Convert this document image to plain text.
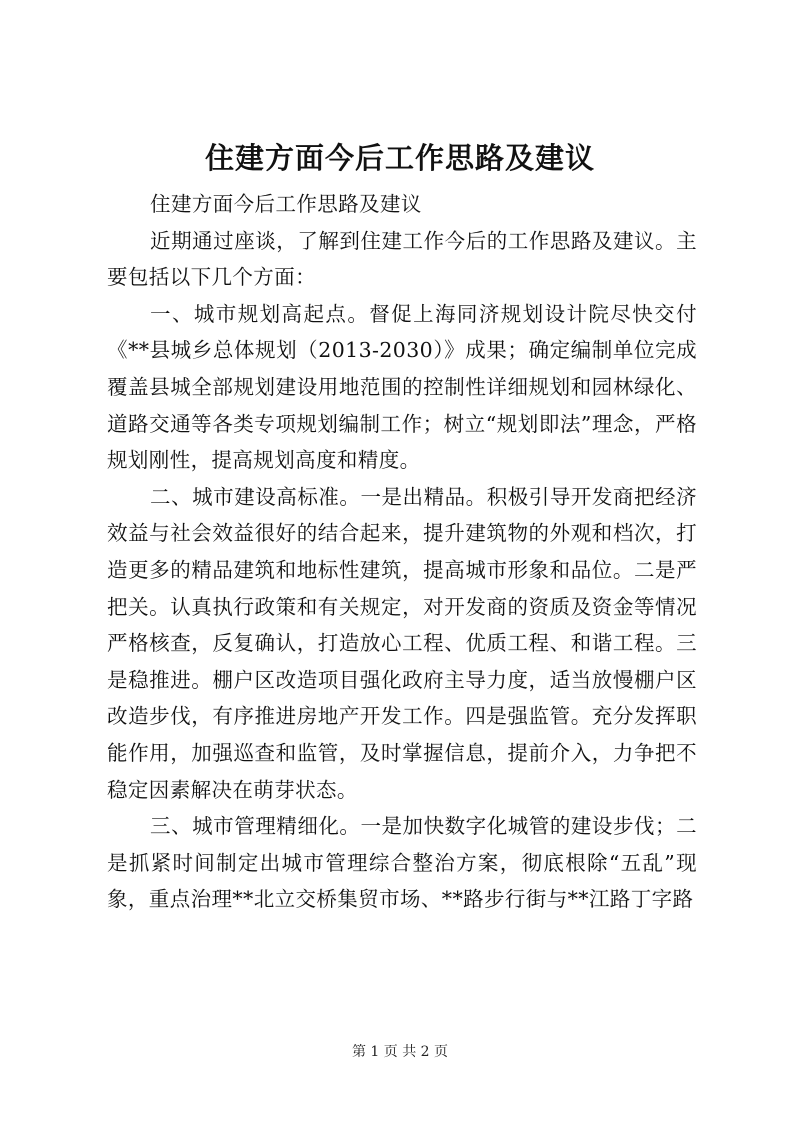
住建方面今后工作思路及建议

住建方面今后工作思路及建议

近期通过座谈，了解到住建工作今后的工作思路及建议。主要包括以下几个方面：

一、城市规划高起点。督促上海同济规划设计院尽快交付《**县城乡总体规划（2013-2030）》成果；确定编制单位完成覆盖县城全部规划建设用地范围的控制性详细规划和园林绿化、道路交通等各类专项规划编制工作；树立“规划即法”理念，严格规划刚性，提高规划高度和精度。

二、城市建设高标准。一是出精品。积极引导开发商把经济效益与社会效益很好的结合起来，提升建筑物的外观和档次，打造更多的精品建筑和地标性建筑，提高城市形象和品位。二是严把关。认真执行政策和有关规定，对开发商的资质及资金等情况严格核查，反复确认，打造放心工程、优质工程、和谐工程。三是稳推进。棚户区改造项目强化政府主导力度，适当放慢棚户区改造步伐，有序推进房地产开发工作。四是强监管。充分发挥职能作用，加强巡查和监管，及时掌握信息，提前介入，力争把不稳定因素解决在萌芽状态。

三、城市管理精细化。一是加快数字化城管的建设步伐；二是抓紧时间制定出城市管理综合整治方案，彻底根除“五乱”现象，重点治理**北立交桥集贸市场、**路步行街与**江路丁字路

第 1 页 共 2 页
